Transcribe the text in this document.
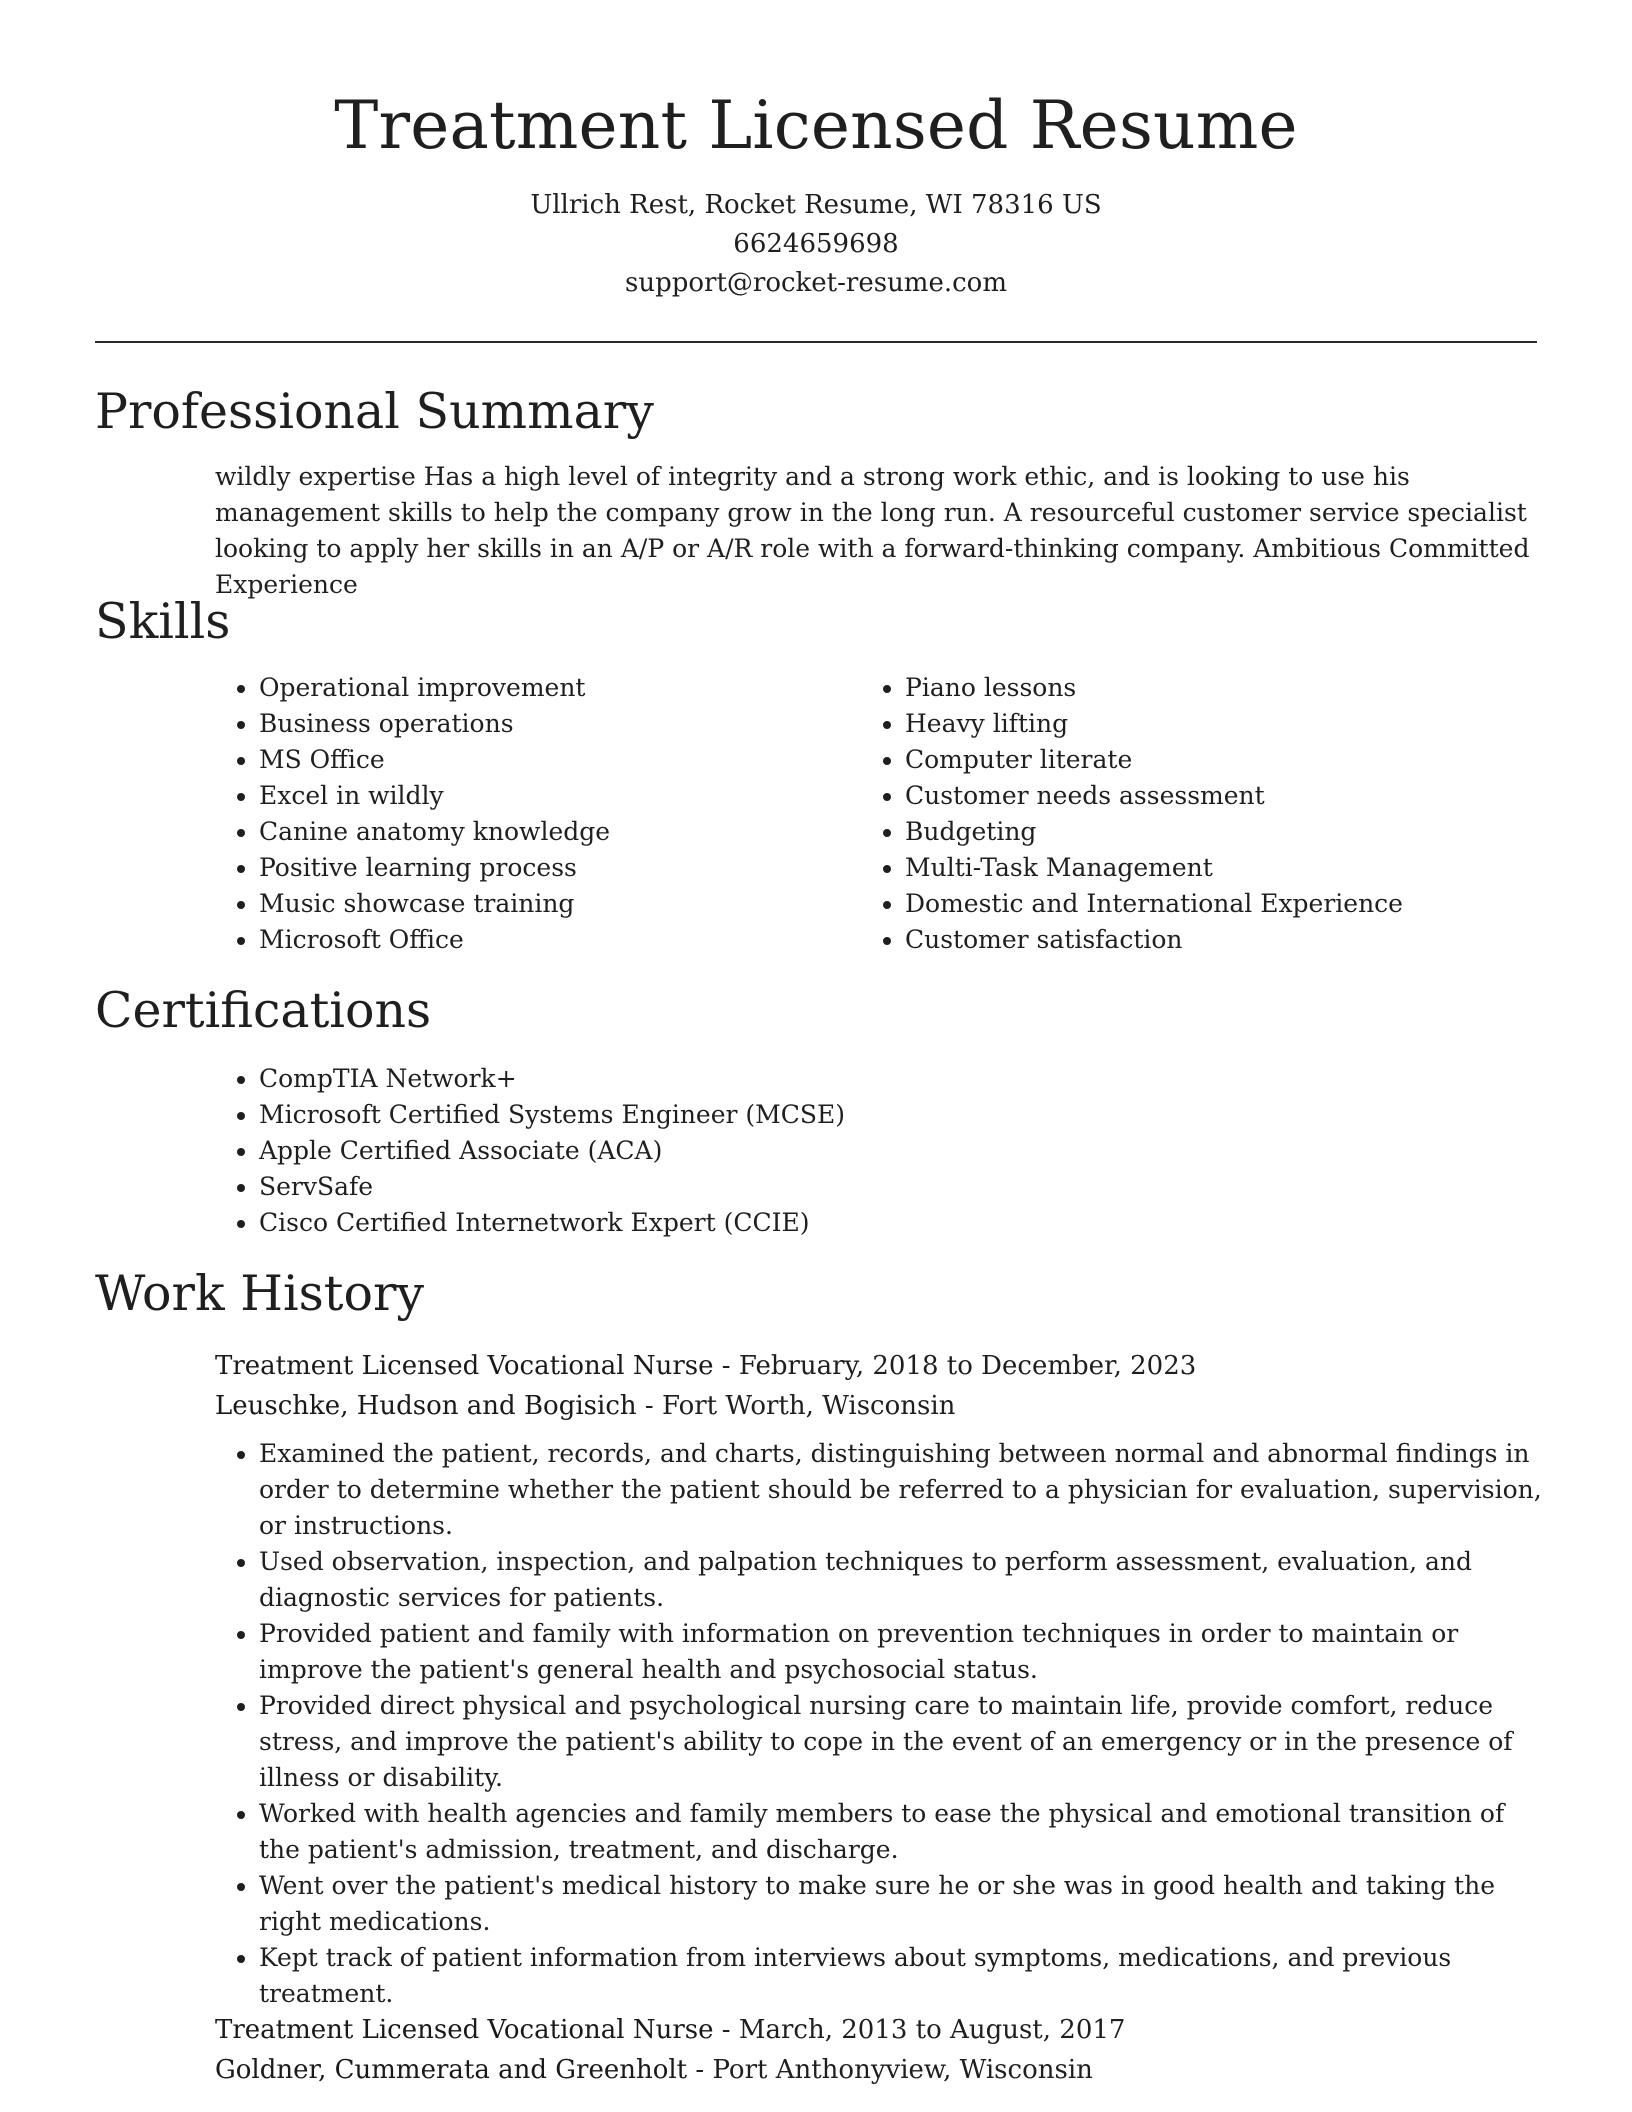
Treatment Licensed Resume
Ullrich Rest, Rocket Resume, WI 78316 US
6624659698
support@rocket-resume.com
Professional Summary

wildly expertise Has a high level of integrity and a strong work ethic, and is looking to use his management skills to help the company grow in the long run. A resourceful customer service specialist looking to apply her skills in an A/P or A/R role with a forward-thinking company. Ambitious Committed Experience

Skills
• Operational improvement
• Business operations
• MS Office
• Excel in wildly
• Canine anatomy knowledge
• Positive learning process
• Music showcase training
• Microsoft Office
• Piano lessons
• Heavy lifting
• Computer literate
• Customer needs assessment
• Budgeting
• Multi-Task Management
• Domestic and International Experience
• Customer satisfaction
Certifications
• CompTIA Network+
• Microsoft Certified Systems Engineer (MCSE)
• Apple Certified Associate (ACA)
• ServSafe
• Cisco Certified Internetwork Expert (CCIE)
Work History

Treatment Licensed Vocational Nurse - February, 2018 to December, 2023

Leuschke, Hudson and Bogisich - Fort Worth, Wisconsin

• Examined the patient, records, and charts, distinguishing between normal and abnormal findings in order to determine whether the patient should be referred to a physician for evaluation, supervision, or instructions.
• Used observation, inspection, and palpation techniques to perform assessment, evaluation, and diagnostic services for patients.
• Provided patient and family with information on prevention techniques in order to maintain or improve the patient's general health and psychosocial status.
• Provided direct physical and psychological nursing care to maintain life, provide comfort, reduce stress, and improve the patient's ability to cope in the event of an emergency or in the presence of illness or disability.
• Worked with health agencies and family members to ease the physical and emotional transition of the patient's admission, treatment, and discharge.
• Went over the patient's medical history to make sure he or she was in good health and taking the right medications.
• Kept track of patient information from interviews about symptoms, medications, and previous treatment.

Treatment Licensed Vocational Nurse - March, 2013 to August, 2017

Goldner, Cummerata and Greenholt - Port Anthonyview, Wisconsin
